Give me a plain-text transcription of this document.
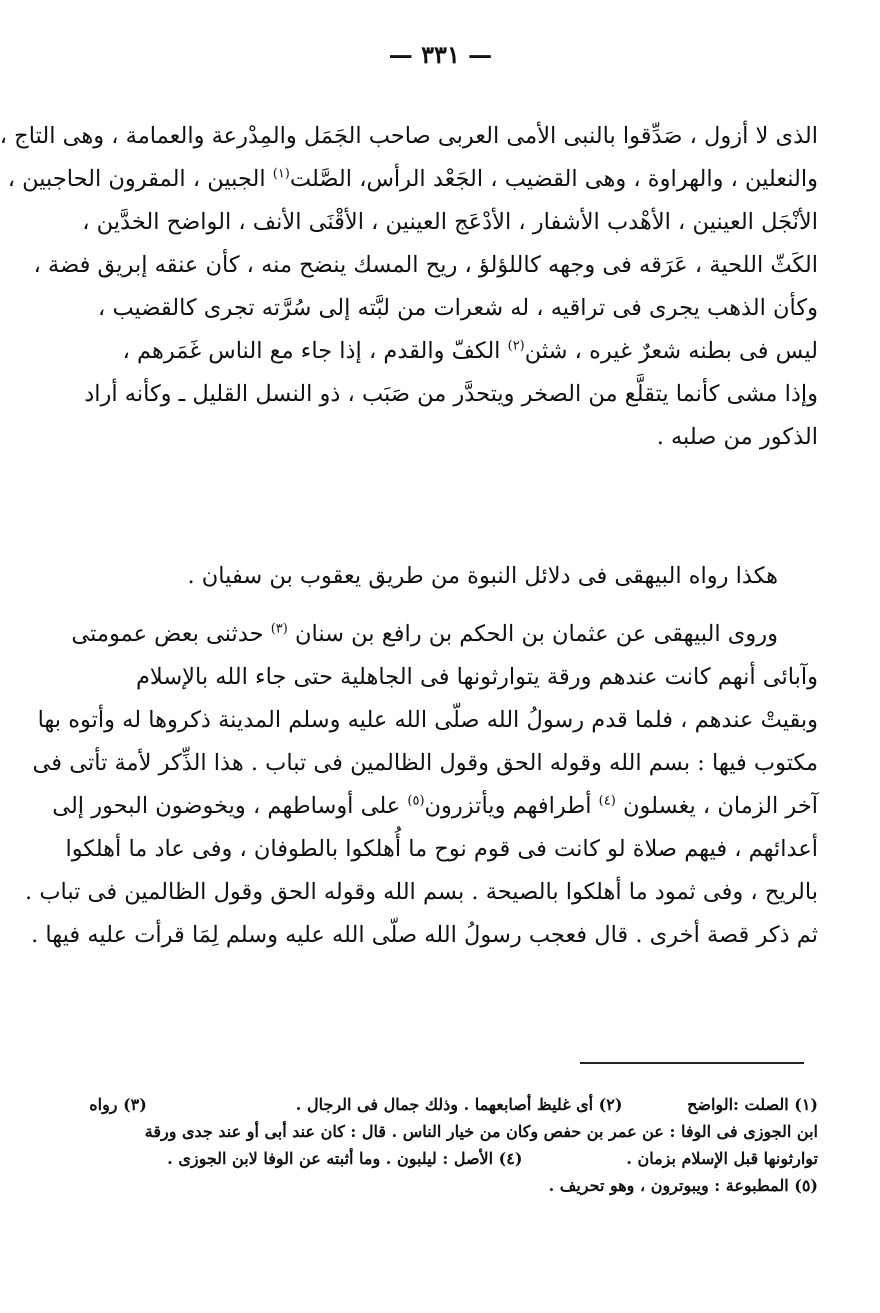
— ٣٣١ —
الذى لا أزول ، صَدِّقوا بالنبى الأمى العربى صاحب الجَمَل والمِدْرعة والعمامة ، وهى التاج ،
والنعلين ، والهراوة ، وهى القضيب ، الجَعْد الرأس، الصَّلت$^{(١)}$ الجبين ، المقرون الحاجبين ،
الأنْجَل العينين ، الأهْدب الأشفار ، الأدْعَج العينين ، الأقْنَى الأنف ، الواضح الخدَّين ،
الكَثّ اللحية ، عَرَقه فى وجهه كاللؤلؤ ، ريح المسك ينضح منه ، كأن عنقه إبريق فضة ،
وكأن الذهب يجرى فى تراقيه ، له شعرات من لبَّته إلى سُرَّته تجرى كالقضيب ،
ليس فى بطنه شعرٌ غيره ، شثن$^{(٢)}$ الكفّ والقدم ، إذا جاء مع الناس غَمَرهم ،
وإذا مشى كأنما يتقلَّع من الصخر ويتحدَّر من صَبَب ، ذو النسل القليل ـ وكأنه أراد
الذكور من صلبه .
هكذا رواه البيهقى فى دلائل النبوة من طريق يعقوب بن سفيان .
وروى البيهقى عن عثمان بن الحكم بن رافع بن سنان $^{(٣)}$ حدثنى بعض عمومتى
وآبائى أنهم كانت عندهم ورقة يتوارثونها فى الجاهلية حتى جاء الله بالإسلام
وبقيتْ عندهم ، فلما قدم رسولُ الله صلّى الله عليه وسلم المدينة ذكروها له وأتوه بها
مكتوب فيها : بسم الله وقوله الحق وقول الظالمين فى تباب . هذا الذِّكر لأمة تأتى فى
آخر الزمان ، يغسلون $^{(٤)}$ أطرافهم ويأتزرون$^{(٥)}$ على أوساطهم ، ويخوضون البحور إلى
أعدائهم ، فيهم صلاة لو كانت فى قوم نوح ما أُهلكوا بالطوفان ، وفى عاد ما أهلكوا
بالريح ، وفى ثمود ما أهلكوا بالصيحة . بسم الله وقوله الحق وقول الظالمين فى تباب .
ثم ذكر قصة أخرى . قال فعجب رسولُ الله صلّى الله عليه وسلم لِمَا قرأت عليه فيها .
(١) الصلت :الواضح (٢) أى غليظ أصابعهما . وذلك جمال فى الرجال . (٣) رواه
ابن الجوزى فى الوفا : عن عمر بن حفص وكان من خيار الناس . قال : كان عند أبى أو عند جدى ورقة
توارثونها قبل الإسلام بزمان . (٤) الأصل : ليلبون . وما أثبته عن الوفا لابن الجوزى .
(٥) المطبوعة : ويبوترون ، وهو تحريف .
